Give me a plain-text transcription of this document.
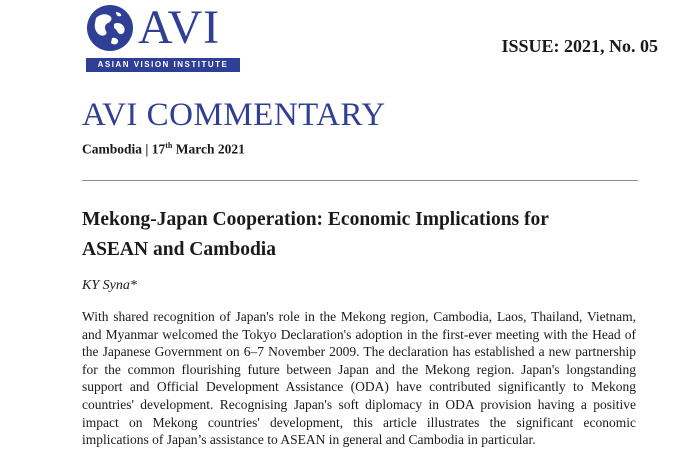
AVI
ASIAN VISION INSTITUTE
ISSUE: 2021, No. 05
AVI COMMENTARY
Cambodia | 17th March 2021
Mekong-Japan Cooperation: Economic Implications for ASEAN and Cambodia
KY Syna*
With shared recognition of Japan's role in the Mekong region, Cambodia, Laos, Thailand, Vietnam, and Myanmar welcomed the Tokyo Declaration's adoption in the first-ever meeting with the Head of the Japanese Government on 6–7 November 2009. The declaration has established a new partnership for the common flourishing future between Japan and the Mekong region. Japan's longstanding support and Official Development Assistance (ODA) have contributed significantly to Mekong countries' development. Recognising Japan's soft diplomacy in ODA provision having a positive impact on Mekong countries' development, this article illustrates the significant economic implications of Japan’s assistance to ASEAN in general and Cambodia in particular.
